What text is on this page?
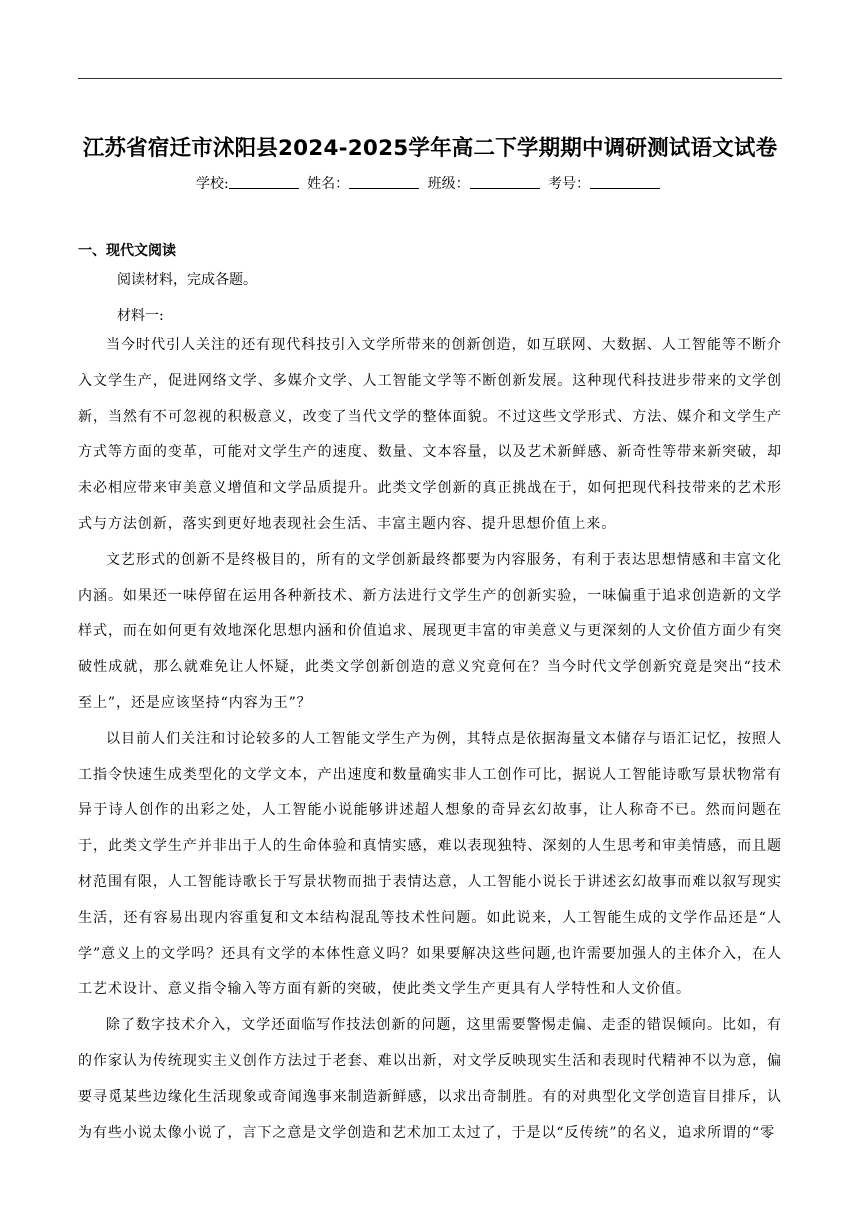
江苏省宿迁市沭阳县2024-2025学年高二下学期期中调研测试语文试卷
学校:	姓名：	班级：	考号：
一、现代文阅读
阅读材料，完成各题。
材料一:

当今时代引人关注的还有现代科技引入文学所带来的创新创造，如互联网、大数据、人工智能等不断介入文学生产，促进网络文学、多媒介文学、人工智能文学等不断创新发展。这种现代科技进步带来的文学创新，当然有不可忽视的积极意义，改变了当代文学的整体面貌。不过这些文学形式、方法、媒介和文学生产方式等方面的变革，可能对文学生产的速度、数量、文本容量，以及艺术新鲜感、新奇性等带来新突破，却未必相应带来审美意义增值和文学品质提升。此类文学创新的真正挑战在于，如何把现代科技带来的艺术形式与方法创新，落实到更好地表现社会生活、丰富主题内容、提升思想价值上来。

文艺形式的创新不是终极目的，所有的文学创新最终都要为内容服务，有利于表达思想情感和丰富文化内涵。如果还一味停留在运用各种新技术、新方法进行文学生产的创新实验，一味偏重于追求创造新的文学样式，而在如何更有效地深化思想内涵和价值追求、展现更丰富的审美意义与更深刻的人文价值方面少有突破性成就，那么就难免让人怀疑，此类文学创新创造的意义究竟何在？当今时代文学创新究竟是突出“技术至上”，还是应该坚持“内容为王”？

以目前人们关注和讨论较多的人工智能文学生产为例，其特点是依据海量文本储存与语汇记忆，按照人工指令快速生成类型化的文学文本，产出速度和数量确实非人工创作可比，据说人工智能诗歌写景状物常有异于诗人创作的出彩之处，人工智能小说能够讲述超人想象的奇异玄幻故事，让人称奇不已。然而问题在于，此类文学生产并非出于人的生命体验和真情实感，难以表现独特、深刻的人生思考和审美情感，而且题材范围有限，人工智能诗歌长于写景状物而拙于表情达意，人工智能小说长于讲述玄幻故事而难以叙写现实生活，还有容易出现内容重复和文本结构混乱等技术性问题。如此说来，人工智能生成的文学作品还是“人学”意义上的文学吗？还具有文学的本体性意义吗？如果要解决这些问题,也许需要加强人的主体介入，在人工艺术设计、意义指令输入等方面有新的突破，使此类文学生产更具有人学特性和人文价值。

除了数字技术介入，文学还面临写作技法创新的问题，这里需要警惕走偏、走歪的错误倾向。比如，有的作家认为传统现实主义创作方法过于老套、难以出新，对文学反映现实生活和表现时代精神不以为意，偏要寻觅某些边缘化生活现象或奇闻逸事来制造新鲜感，以求出奇制胜。有的对典型化文学创造盲目排斥，认为有些小说太像小说了，言下之意是文学创造和艺术加工太过了，于是以“反传统”的名义，追求所谓的“零
